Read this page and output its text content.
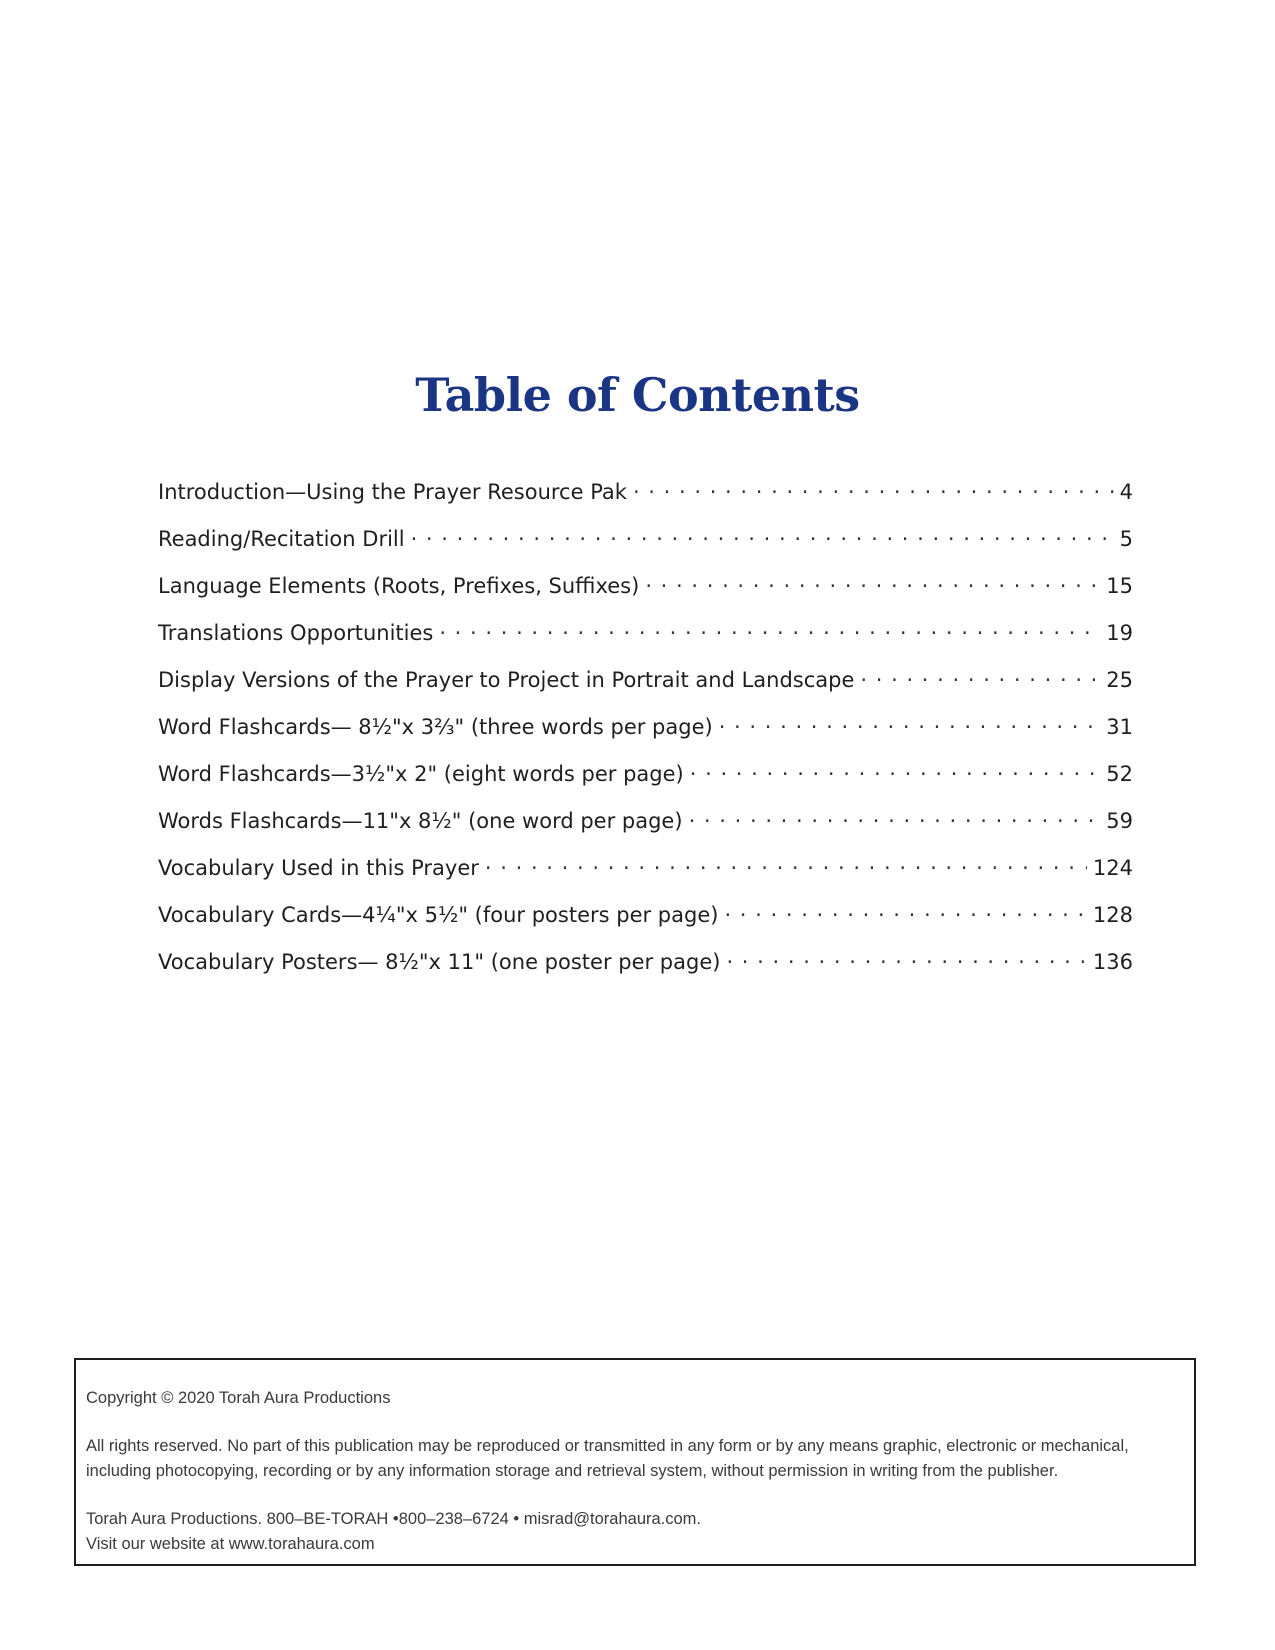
Table of Contents
Introduction—Using the Prayer Resource Pak . . .	4
Reading/Recitation Drill . . .	5
Language Elements (Roots, Prefixes, Suffixes) . . .	15
Translations Opportunities . . .	19
Display Versions of the Prayer to Project in Portrait and Landscape . . .	25
Word Flashcards— 8½"x 3⅔" (three words per page) . . .	31
Word Flashcards—3½"x 2" (eight words per page) . . .	52
Words Flashcards—11"x 8½" (one word per page) . . .	59
Vocabulary Used in this Prayer . . .	124
Vocabulary Cards—4¼"x 5½" (four posters per page) . . .	128
Vocabulary Posters— 8½"x 11" (one poster per page) . . .	136

Copyright © 2020 Torah Aura Productions

All rights reserved. No part of this publication may be reproduced or transmitted in any form or by any means graphic, electronic or mechanical,
including photocopying, recording or by any information storage and retrieval system, without permission in writing from the publisher.

Torah Aura Productions. 800–BE-TORAH •800–238–6724 • misrad@torahaura.com.
Visit our website at www.torahaura.com
